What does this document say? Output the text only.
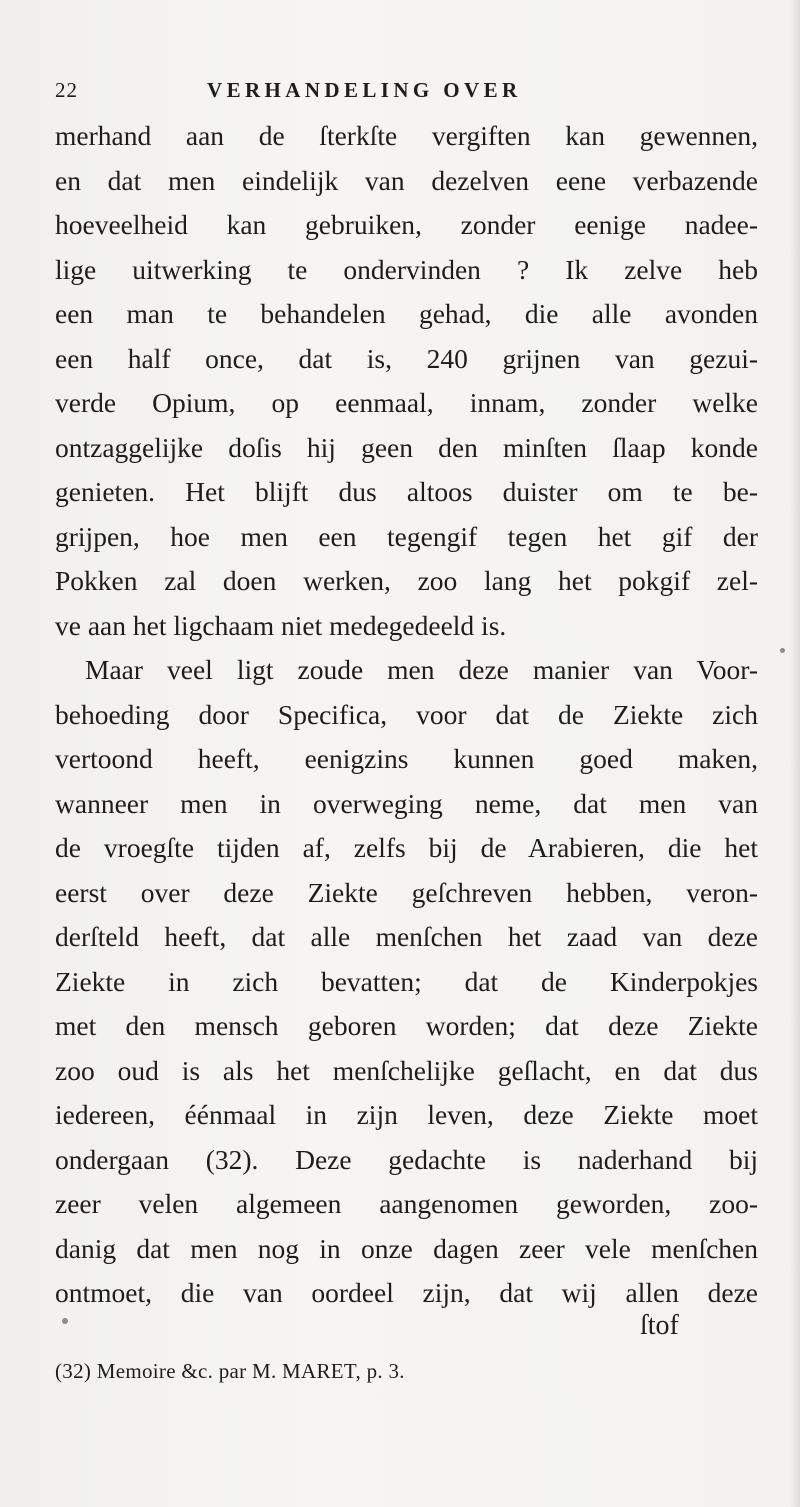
22	VERHANDELING OVER
merhand aan de ſterkſte vergiften kan gewennen,
en dat men eindelijk van dezelven eene verbazende
hoeveelheid kan gebruiken, zonder eenige nadee-
lige uitwerking te ondervinden ? Ik zelve heb
een man te behandelen gehad, die alle avonden
een half once, dat is, 240 grijnen van gezui-
verde Opium, op eenmaal, innam, zonder welke
ontzaggelijke doſis hij geen den minſten ſlaap konde
genieten. Het blijft dus altoos duister om te be-
grijpen, hoe men een tegengif tegen het gif der
Pokken zal doen werken, zoo lang het pokgif zel-
ve aan het ligchaam niet medegedeeld is.
Maar veel ligt zoude men deze manier van Voor-
behoeding door Specifica, voor dat de Ziekte zich
vertoond heeft, eenigzins kunnen goed maken,
wanneer men in overweging neme, dat men van
de vroegſte tijden af, zelfs bij de Arabieren, die het
eerst over deze Ziekte geſchreven hebben, veron-
derſteld heeft, dat alle menſchen het zaad van deze
Ziekte in zich bevatten; dat de Kinderpokjes
met den mensch geboren worden; dat deze Ziekte
zoo oud is als het menſchelijke geſlacht, en dat dus
iedereen, éénmaal in zijn leven, deze Ziekte moet
ondergaan (32). Deze gedachte is naderhand bij
zeer velen algemeen aangenomen geworden, zoo-
danig dat men nog in onze dagen zeer vele menſchen
ontmoet, die van oordeel zijn, dat wij allen deze
ſtof
(32) Memoire &c. par M. MARET, p. 3.
